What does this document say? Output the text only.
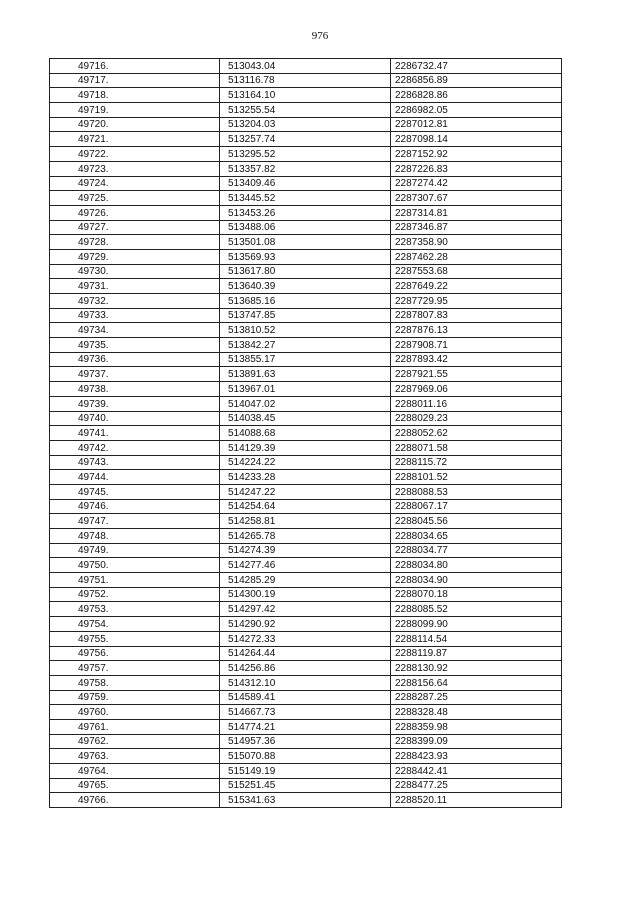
976
49716.	513043.04	2286732.47
49717.	513116.78	2286856.89
49718.	513164.10	2286828.86
49719.	513255.54	2286982.05
49720.	513204.03	2287012.81
49721.	513257.74	2287098.14
49722.	513295.52	2287152.92
49723.	513357.82	2287226.83
49724.	513409.46	2287274.42
49725.	513445.52	2287307.67
49726.	513453.26	2287314.81
49727.	513488.06	2287346.87
49728.	513501.08	2287358.90
49729.	513569.93	2287462.28
49730.	513617.80	2287553.68
49731.	513640.39	2287649.22
49732.	513685.16	2287729.95
49733.	513747.85	2287807.83
49734.	513810.52	2287876.13
49735.	513842.27	2287908.71
49736.	513855.17	2287893.42
49737.	513891.63	2287921.55
49738.	513967.01	2287969.06
49739.	514047.02	2288011.16
49740.	514038.45	2288029.23
49741.	514088.68	2288052.62
49742.	514129.39	2288071.58
49743.	514224.22	2288115.72
49744.	514233.28	2288101.52
49745.	514247.22	2288088.53
49746.	514254.64	2288067.17
49747.	514258.81	2288045.56
49748.	514265.78	2288034.65
49749.	514274.39	2288034.77
49750.	514277.46	2288034.80
49751.	514285.29	2288034.90
49752.	514300.19	2288070.18
49753.	514297.42	2288085.52
49754.	514290.92	2288099.90
49755.	514272.33	2288114.54
49756.	514264.44	2288119.87
49757.	514256.86	2288130.92
49758.	514312.10	2288156.64
49759.	514589.41	2288287.25
49760.	514667.73	2288328.48
49761.	514774.21	2288359.98
49762.	514957.36	2288399.09
49763.	515070.88	2288423.93
49764.	515149.19	2288442.41
49765.	515251.45	2288477.25
49766.	515341.63	2288520.11
